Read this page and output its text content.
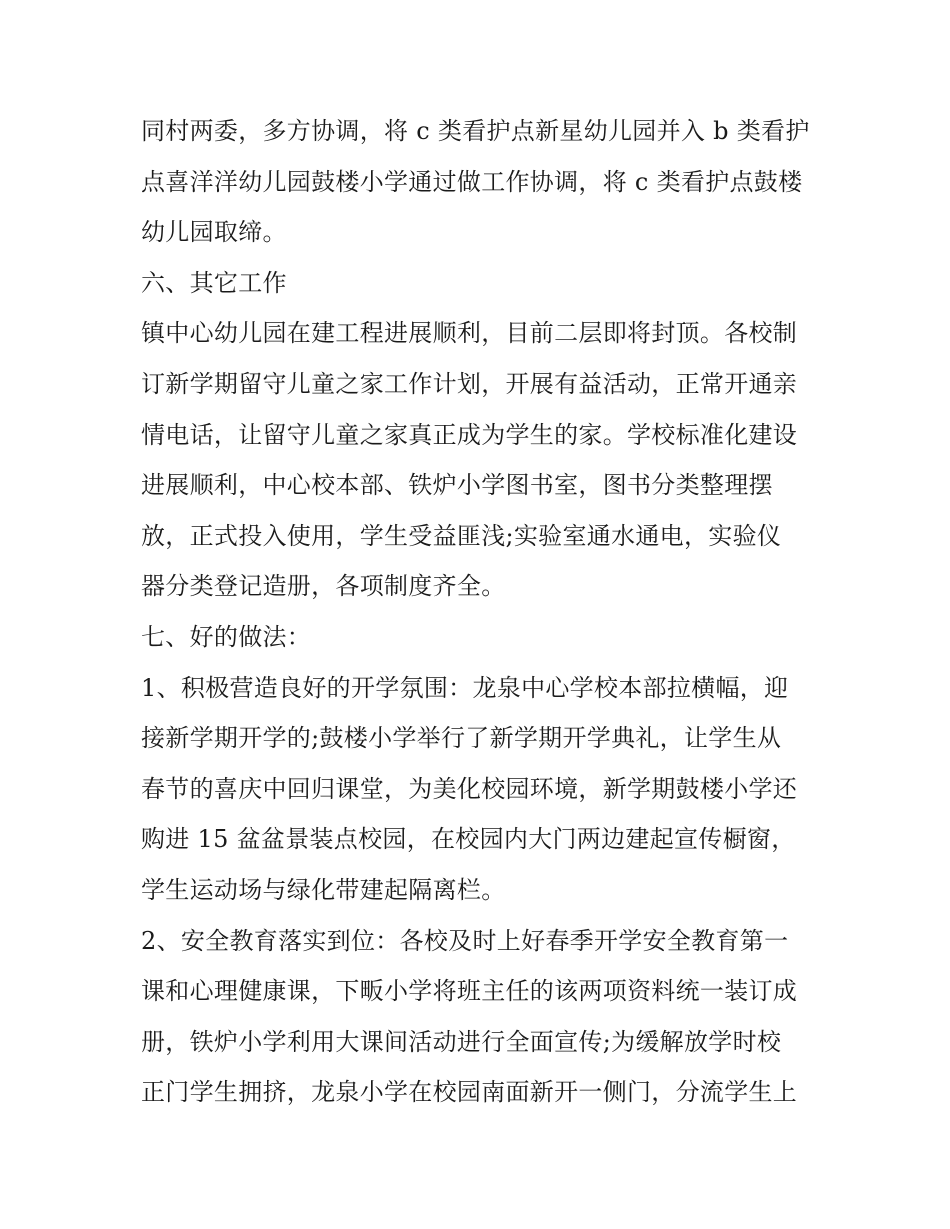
同村两委，多方协调，将 c 类看护点新星幼儿园并入 b 类看护
点喜洋洋幼儿园鼓楼小学通过做工作协调，将 c 类看护点鼓楼
幼儿园取缔。
六、其它工作
镇中心幼儿园在建工程进展顺利，目前二层即将封顶。各校制
订新学期留守儿童之家工作计划，开展有益活动，正常开通亲
情电话，让留守儿童之家真正成为学生的家。学校标准化建设
进展顺利，中心校本部、铁炉小学图书室，图书分类整理摆
放，正式投入使用，学生受益匪浅;实验室通水通电，实验仪
器分类登记造册，各项制度齐全。
七、好的做法：
1、积极营造良好的开学氛围：龙泉中心学校本部拉横幅，迎
接新学期开学的;鼓楼小学举行了新学期开学典礼，让学生从
春节的喜庆中回归课堂，为美化校园环境，新学期鼓楼小学还
购进 15 盆盆景装点校园，在校园内大门两边建起宣传橱窗，
学生运动场与绿化带建起隔离栏。
2、安全教育落实到位：各校及时上好春季开学安全教育第一
课和心理健康课，下畈小学将班主任的该两项资料统一装订成
册，铁炉小学利用大课间活动进行全面宣传;为缓解放学时校
正门学生拥挤，龙泉小学在校园南面新开一侧门，分流学生上
